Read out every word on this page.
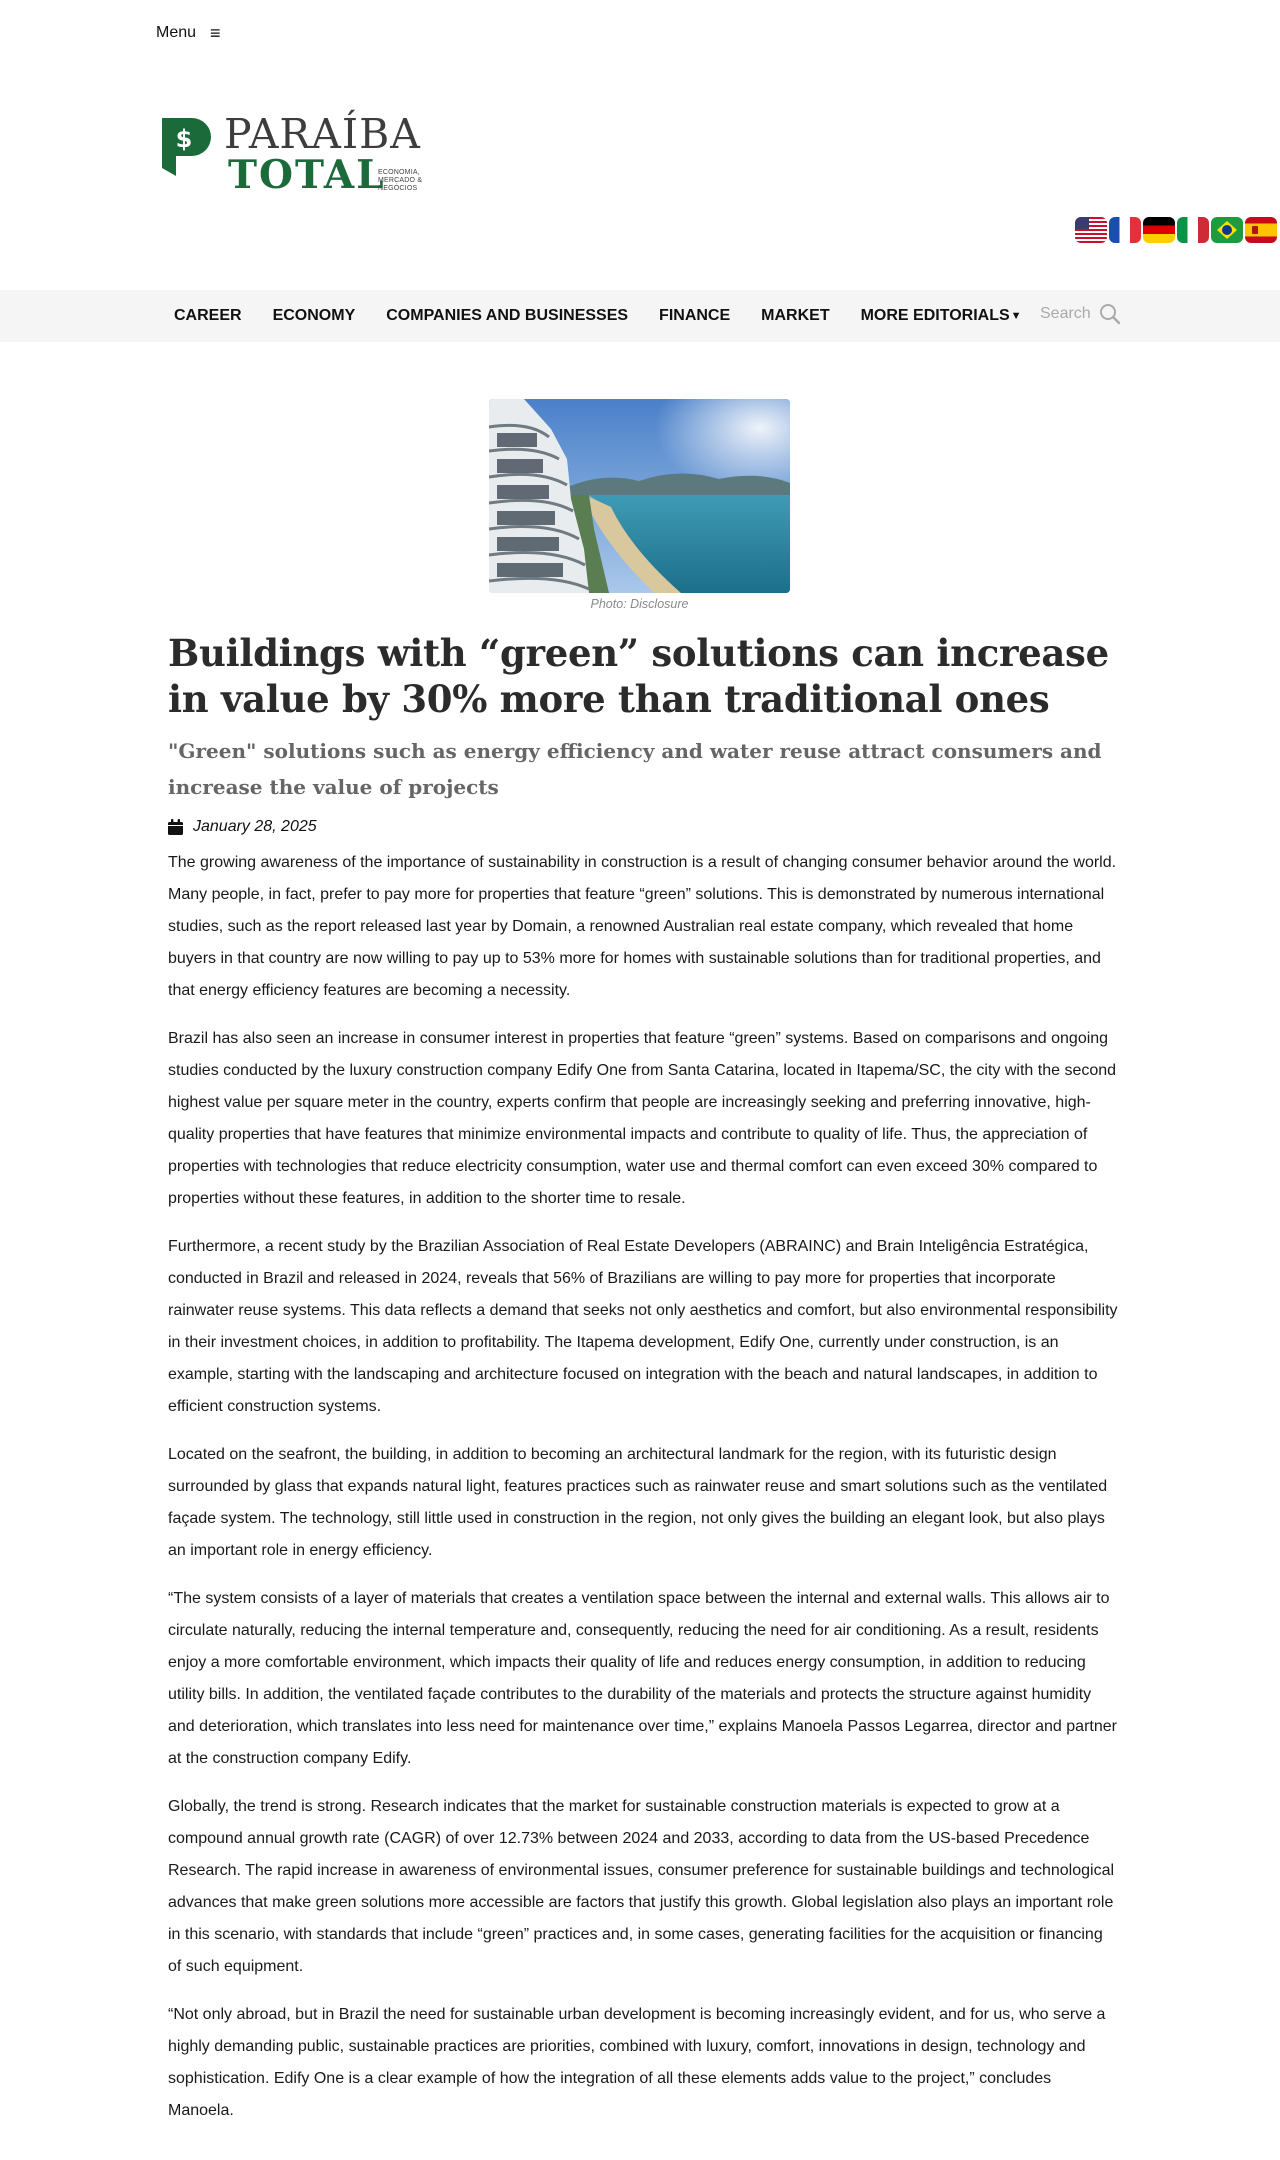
Menu ≡
$ PARAÍBA
TOTAL
ECONOMIA,
MERCADO &
NEGÓCIOS
CAREER ECONOMY COMPANIES AND BUSINESSES FINANCE MARKET MORE EDITORIALS▼ Search
Photo: Disclosure
Buildings with “green” solutions can increase in value by 30% more than traditional ones
"Green" solutions such as energy efficiency and water reuse attract consumers and increase the value of projects
January 28, 2025

The growing awareness of the importance of sustainability in construction is a result of changing consumer behavior around the world. Many people, in fact, prefer to pay more for properties that feature “green” solutions. This is demonstrated by numerous international studies, such as the report released last year by Domain, a renowned Australian real estate company, which revealed that home buyers in that country are now willing to pay up to 53% more for homes with sustainable solutions than for traditional properties, and that energy efficiency features are becoming a necessity.

Brazil has also seen an increase in consumer interest in properties that feature “green” systems. Based on comparisons and ongoing studies conducted by the luxury construction company Edify One from Santa Catarina, located in Itapema/SC, the city with the second highest value per square meter in the country, experts confirm that people are increasingly seeking and preferring innovative, high-quality properties that have features that minimize environmental impacts and contribute to quality of life. Thus, the appreciation of properties with technologies that reduce electricity consumption, water use and thermal comfort can even exceed 30% compared to properties without these features, in addition to the shorter time to resale.

Furthermore, a recent study by the Brazilian Association of Real Estate Developers (ABRAINC) and Brain Inteligência Estratégica, conducted in Brazil and released in 2024, reveals that 56% of Brazilians are willing to pay more for properties that incorporate rainwater reuse systems. This data reflects a demand that seeks not only aesthetics and comfort, but also environmental responsibility in their investment choices, in addition to profitability. The Itapema development, Edify One, currently under construction, is an example, starting with the landscaping and architecture focused on integration with the beach and natural landscapes, in addition to efficient construction systems.

Located on the seafront, the building, in addition to becoming an architectural landmark for the region, with its futuristic design surrounded by glass that expands natural light, features practices such as rainwater reuse and smart solutions such as the ventilated façade system. The technology, still little used in construction in the region, not only gives the building an elegant look, but also plays an important role in energy efficiency.

“The system consists of a layer of materials that creates a ventilation space between the internal and external walls. This allows air to circulate naturally, reducing the internal temperature and, consequently, reducing the need for air conditioning. As a result, residents enjoy a more comfortable environment, which impacts their quality of life and reduces energy consumption, in addition to reducing utility bills. In addition, the ventilated façade contributes to the durability of the materials and protects the structure against humidity and deterioration, which translates into less need for maintenance over time,” explains Manoela Passos Legarrea, director and partner at the construction company Edify.

Globally, the trend is strong. Research indicates that the market for sustainable construction materials is expected to grow at a compound annual growth rate (CAGR) of over 12.73% between 2024 and 2033, according to data from the US-based Precedence Research. The rapid increase in awareness of environmental issues, consumer preference for sustainable buildings and technological advances that make green solutions more accessible are factors that justify this growth. Global legislation also plays an important role in this scenario, with standards that include “green” practices and, in some cases, generating facilities for the acquisition or financing of such equipment.

“Not only abroad, but in Brazil the need for sustainable urban development is becoming increasingly evident, and for us, who serve a highly demanding public, sustainable practices are priorities, combined with luxury, comfort, innovations in design, technology and sophistication. Edify One is a clear example of how the integration of all these elements adds value to the project,” concludes Manoela.
